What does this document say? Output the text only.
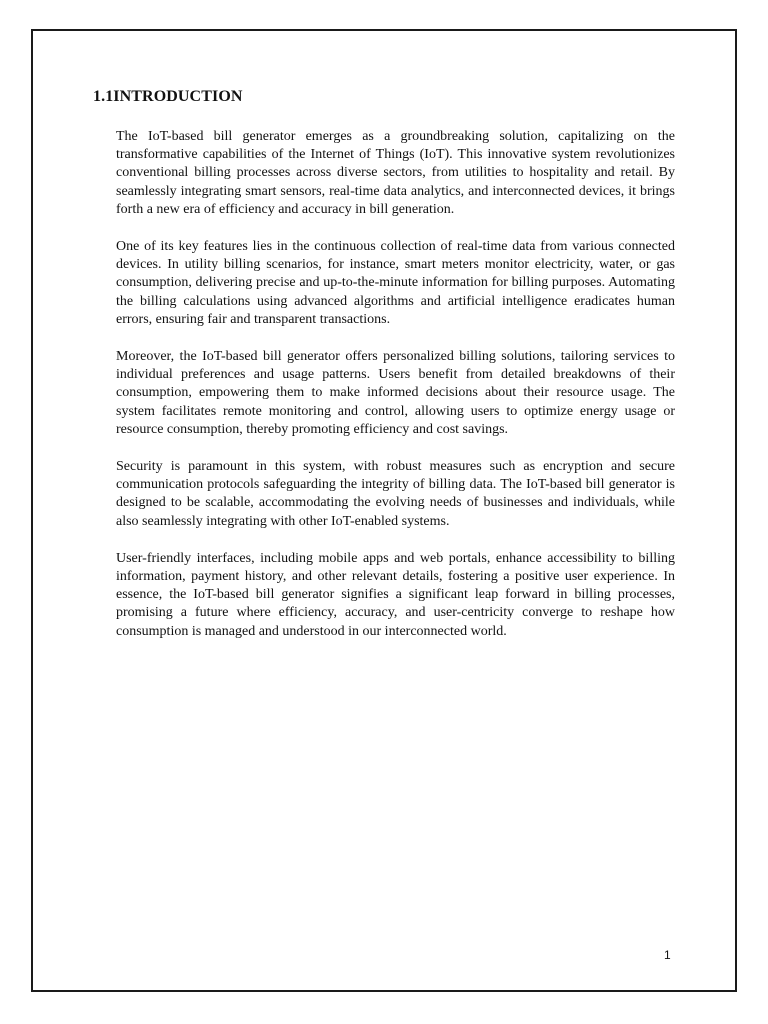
1.1INTRODUCTION

The IoT-based bill generator emerges as a groundbreaking solution, capitalizing on the transformative capabilities of the Internet of Things (IoT). This innovative system revolutionizes conventional billing processes across diverse sectors, from utilities to hospitality and retail. By seamlessly integrating smart sensors, real-time data analytics, and interconnected devices, it brings forth a new era of efficiency and accuracy in bill generation.

One of its key features lies in the continuous collection of real-time data from various connected devices. In utility billing scenarios, for instance, smart meters monitor electricity, water, or gas consumption, delivering precise and up-to-the-minute information for billing purposes. Automating the billing calculations using advanced algorithms and artificial intelligence eradicates human errors, ensuring fair and transparent transactions.

Moreover, the IoT-based bill generator offers personalized billing solutions, tailoring services to individual preferences and usage patterns. Users benefit from detailed breakdowns of their consumption, empowering them to make informed decisions about their resource usage. The system facilitates remote monitoring and control, allowing users to optimize energy usage or resource consumption, thereby promoting efficiency and cost savings.

Security is paramount in this system, with robust measures such as encryption and secure communication protocols safeguarding the integrity of billing data. The IoT-based bill generator is designed to be scalable, accommodating the evolving needs of businesses and individuals, while also seamlessly integrating with other IoT-enabled systems.

User-friendly interfaces, including mobile apps and web portals, enhance accessibility to billing information, payment history, and other relevant details, fostering a positive user experience. In essence, the IoT-based bill generator signifies a significant leap forward in billing processes, promising a future where efficiency, accuracy, and user-centricity converge to reshape how consumption is managed and understood in our interconnected world.

1
